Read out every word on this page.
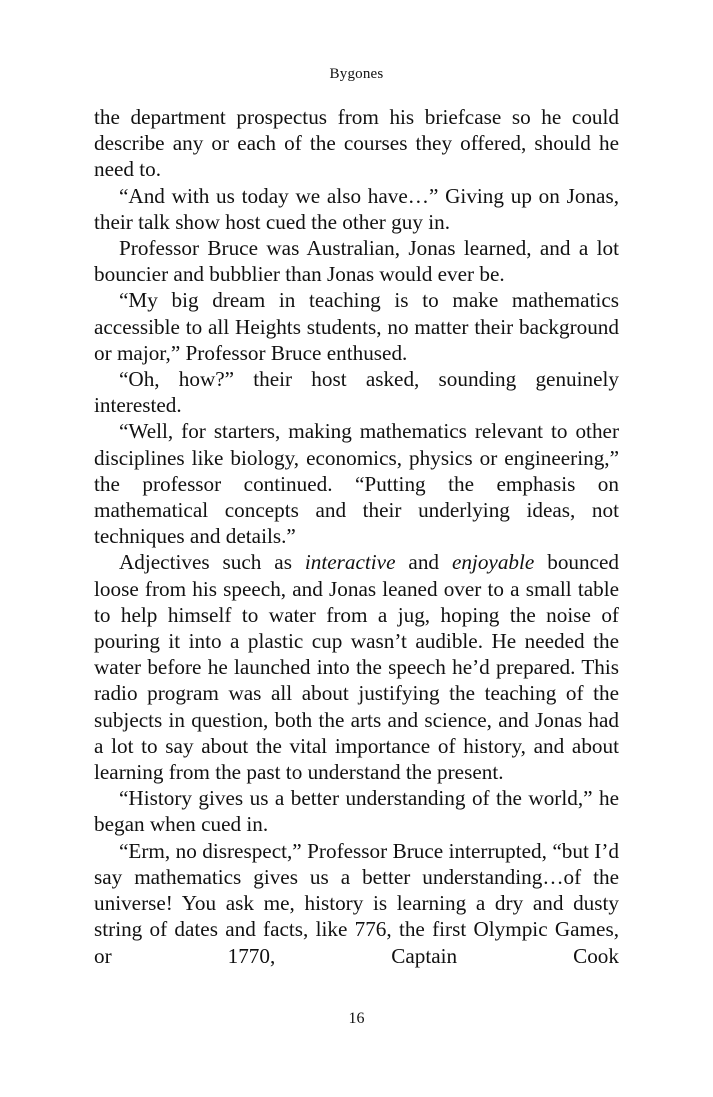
Bygones

the department prospectus from his briefcase so he could describe any or each of the courses they offered, should he need to.

“And with us today we also have…” Giving up on Jonas, their talk show host cued the other guy in.

Professor Bruce was Australian, Jonas learned, and a lot bouncier and bubblier than Jonas would ever be.

“My big dream in teaching is to make mathematics accessible to all Heights students, no matter their background or major,” Professor Bruce enthused.

“Oh, how?” their host asked, sounding genuinely interested.

“Well, for starters, making mathematics relevant to other disciplines like biology, economics, physics or engineering,” the professor continued. “Putting the emphasis on mathematical concepts and their underlying ideas, not techniques and details.”

Adjectives such as interactive and enjoyable bounced loose from his speech, and Jonas leaned over to a small table to help himself to water from a jug, hoping the noise of pouring it into a plastic cup wasn’t audible. He needed the water before he launched into the speech he’d prepared. This radio program was all about justifying the teaching of the subjects in question, both the arts and science, and Jonas had a lot to say about the vital importance of history, and about learning from the past to understand the present.

“History gives us a better understanding of the world,” he began when cued in.

“Erm, no disrespect,” Professor Bruce interrupted, “but I’d say mathematics gives us a better understanding…of the universe! You ask me, history is learning a dry and dusty string of dates and facts, like 776, the first Olympic Games, or 1770, Captain Cook

16
